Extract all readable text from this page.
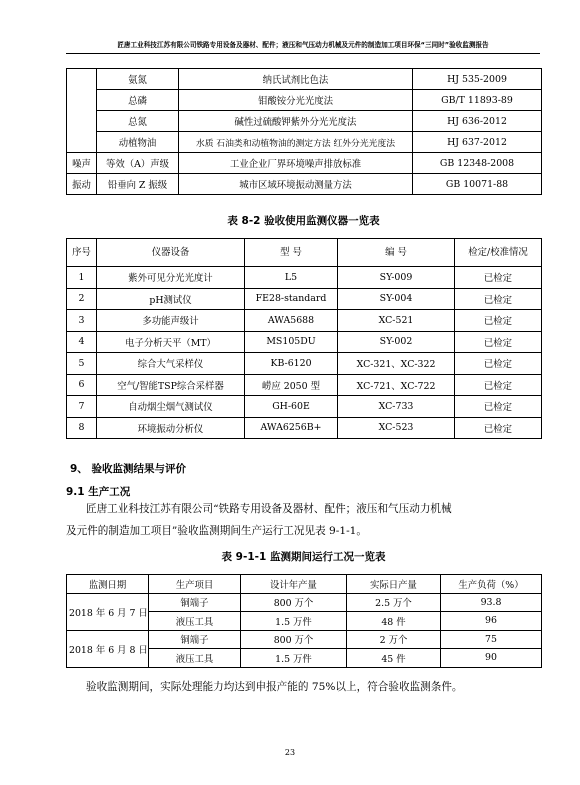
匠唐工业科技江苏有限公司铁路专用设备及器材、配件；液压和气压动力机械及元件的制造加工项目环保“三同时”验收监测报告
	氨氮	纳氏试剂比色法	HJ 535-2009
	总磷	钼酸铵分光光度法	GB/T 11893-89
	总氮	碱性过硫酸钾紫外分光光度法	HJ 636-2012
	动植物油	水质 石油类和动植物油的测定方法 红外分光光度法	HJ 637-2012
噪声	等效（A）声级	工业企业厂界环境噪声排放标准	GB 12348-2008
振动	铅垂向 Z 振级	城市区域环境振动测量方法	GB 10071-88
表 8-2 验收使用监测仪器一览表
序号	仪器设备	型 号	编 号	检定/校准情况
1	紫外可见分光光度计	L5	SY-009	已检定
2	pH测试仪	FE28-standard	SY-004	已检定
3	多功能声级计	AWA5688	XC-521	已检定
4	电子分析天平（MT）	MS105DU	SY-002	已检定
5	综合大气采样仪	KB-6120	XC-321、XC-322	已检定
6	空气/智能TSP综合采样器	崂应 2050 型	XC-721、XC-722	已检定
7	自动烟尘烟气测试仪	GH-60E	XC-733	已检定
8	环境振动分析仪	AWA6256B+	XC-523	已检定
9、 验收监测结果与评价
9.1 生产工况
匠唐工业科技江苏有限公司“铁路专用设备及器材、配件；液压和气压动力机械
及元件的制造加工项目”验收监测期间生产运行工况见表 9-1-1。
表 9-1-1 监测期间运行工况一览表
监测日期	生产项目	设计年产量	实际日产量	生产负荷（%）
2018 年 6 月 7 日	铜端子	800 万个	2.5 万个	93.8
	液压工具	1.5 万件	48 件	96
2018 年 6 月 8 日	铜端子	800 万个	2 万个	75
	液压工具	1.5 万件	45 件	90
验收监测期间，实际处理能力均达到申报产能的 75%以上，符合验收监测条件。
23
